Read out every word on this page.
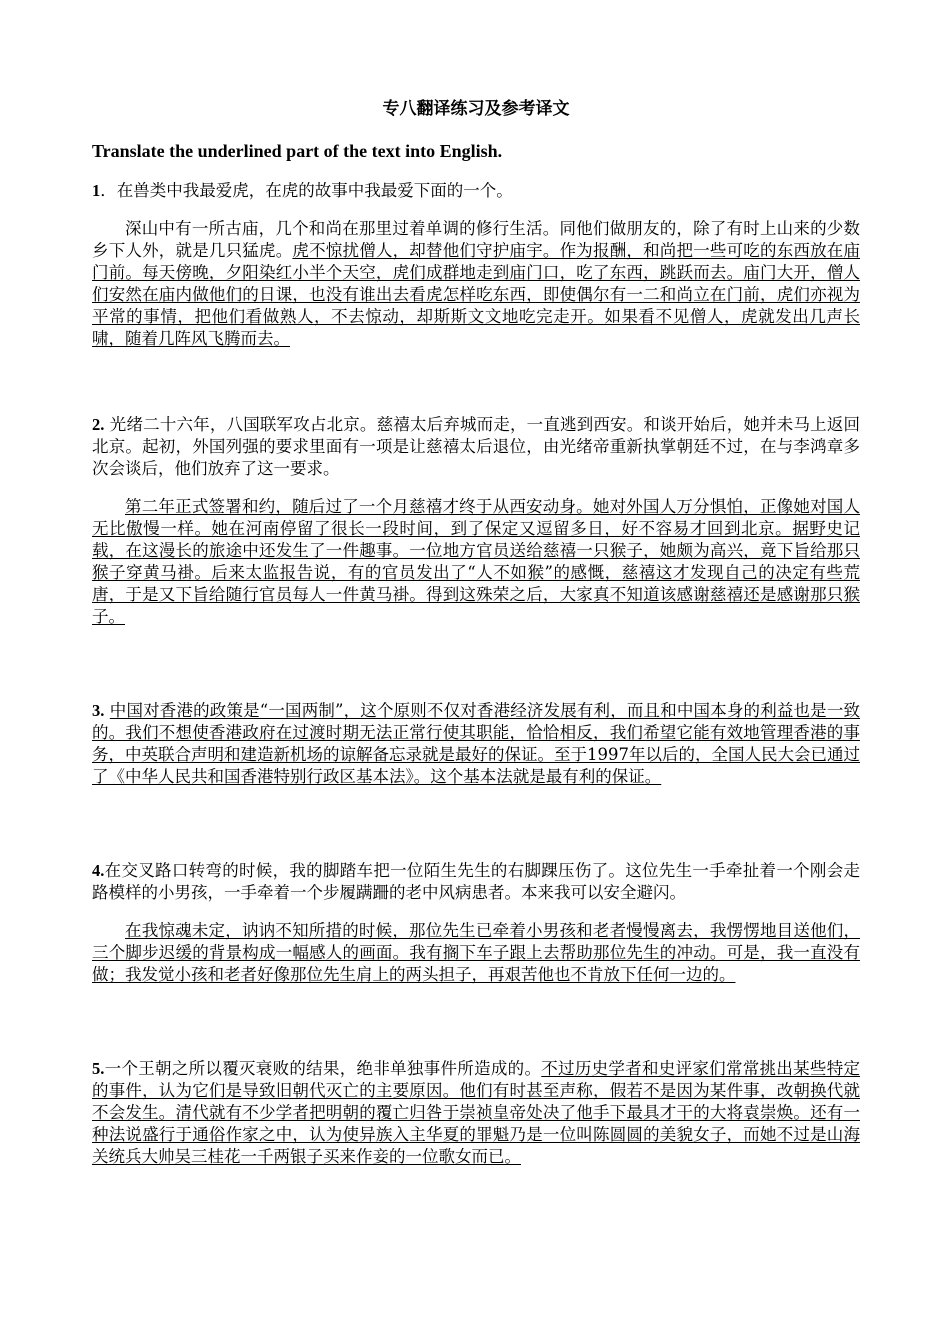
专八翻译练习及参考译文
Translate the underlined part of the text into English.

1．在兽类中我最爱虎，在虎的故事中我最爱下面的一个。

深山中有一所古庙，几个和尚在那里过着单调的修行生活。同他们做朋友的，除了有时上山来的少数乡下人外，就是几只猛虎。虎不惊扰僧人，却替他们守护庙宇。作为报酬，和尚把一些可吃的东西放在庙门前。每天傍晚，夕阳染红小半个天空，虎们成群地走到庙门口，吃了东西，跳跃而去。庙门大开，僧人们安然在庙内做他们的日课，也没有谁出去看虎怎样吃东西，即使偶尔有一二和尚立在门前，虎们亦视为平常的事情，把他们看做熟人，不去惊动，却斯斯文文地吃完走开。如果看不见僧人，虎就发出几声长啸，随着几阵风飞腾而去。

2. 光绪二十六年，八国联军攻占北京。慈禧太后弃城而走，一直逃到西安。和谈开始后，她并未马上返回北京。起初，外国列强的要求里面有一项是让慈禧太后退位，由光绪帝重新执掌朝廷不过，在与李鸿章多次会谈后，他们放弃了这一要求。

第二年正式签署和约，随后过了一个月慈禧才终于从西安动身。她对外国人万分惧怕，正像她对国人无比傲慢一样。她在河南停留了很长一段时间，到了保定又逗留多日，好不容易才回到北京。据野史记载，在这漫长的旅途中还发生了一件趣事。一位地方官员送给慈禧一只猴子，她颇为高兴，竟下旨给那只猴子穿黄马褂。后来太监报告说，有的官员发出了“人不如猴”的感慨，慈禧这才发现自己的决定有些荒唐，于是又下旨给随行官员每人一件黄马褂。得到这殊荣之后，大家真不知道该感谢慈禧还是感谢那只猴子。

3. 中国对香港的政策是“一国两制”，这个原则不仅对香港经济发展有利，而且和中国本身的利益也是一致的。我们不想使香港政府在过渡时期无法正常行使其职能，恰恰相反，我们希望它能有效地管理香港的事务，中英联合声明和建造新机场的谅解备忘录就是最好的保证。至于1997年以后的，全国人民大会已通过了《中华人民共和国香港特别行政区基本法》。这个基本法就是最有利的保证。

4.在交叉路口转弯的时候，我的脚踏车把一位陌生先生的右脚踝压伤了。这位先生一手牵扯着一个刚会走路模样的小男孩，一手牵着一个步履蹒跚的老中风病患者。本来我可以安全避闪。

在我惊魂未定，讷讷不知所措的时候，那位先生已牵着小男孩和老者慢慢离去，我愣愣地目送他们，三个脚步迟缓的背景构成一幅感人的画面。我有搁下车子跟上去帮助那位先生的冲动。可是，我一直没有做；我发觉小孩和老者好像那位先生肩上的两头担子，再艰苦他也不肯放下任何一边的。

5.一个王朝之所以覆灭衰败的结果，绝非单独事件所造成的。不过历史学者和史评家们常常挑出某些特定的事件，认为它们是导致旧朝代灭亡的主要原因。他们有时甚至声称，假若不是因为某件事，改朝换代就不会发生。清代就有不少学者把明朝的覆亡归咎于崇祯皇帝处决了他手下最具才干的大将袁崇焕。还有一种法说盛行于通俗作家之中，认为使异族入主华夏的罪魁乃是一位叫陈圆圆的美貌女子，而她不过是山海关统兵大帅吴三桂花一千两银子买来作妾的一位歌女而已。
